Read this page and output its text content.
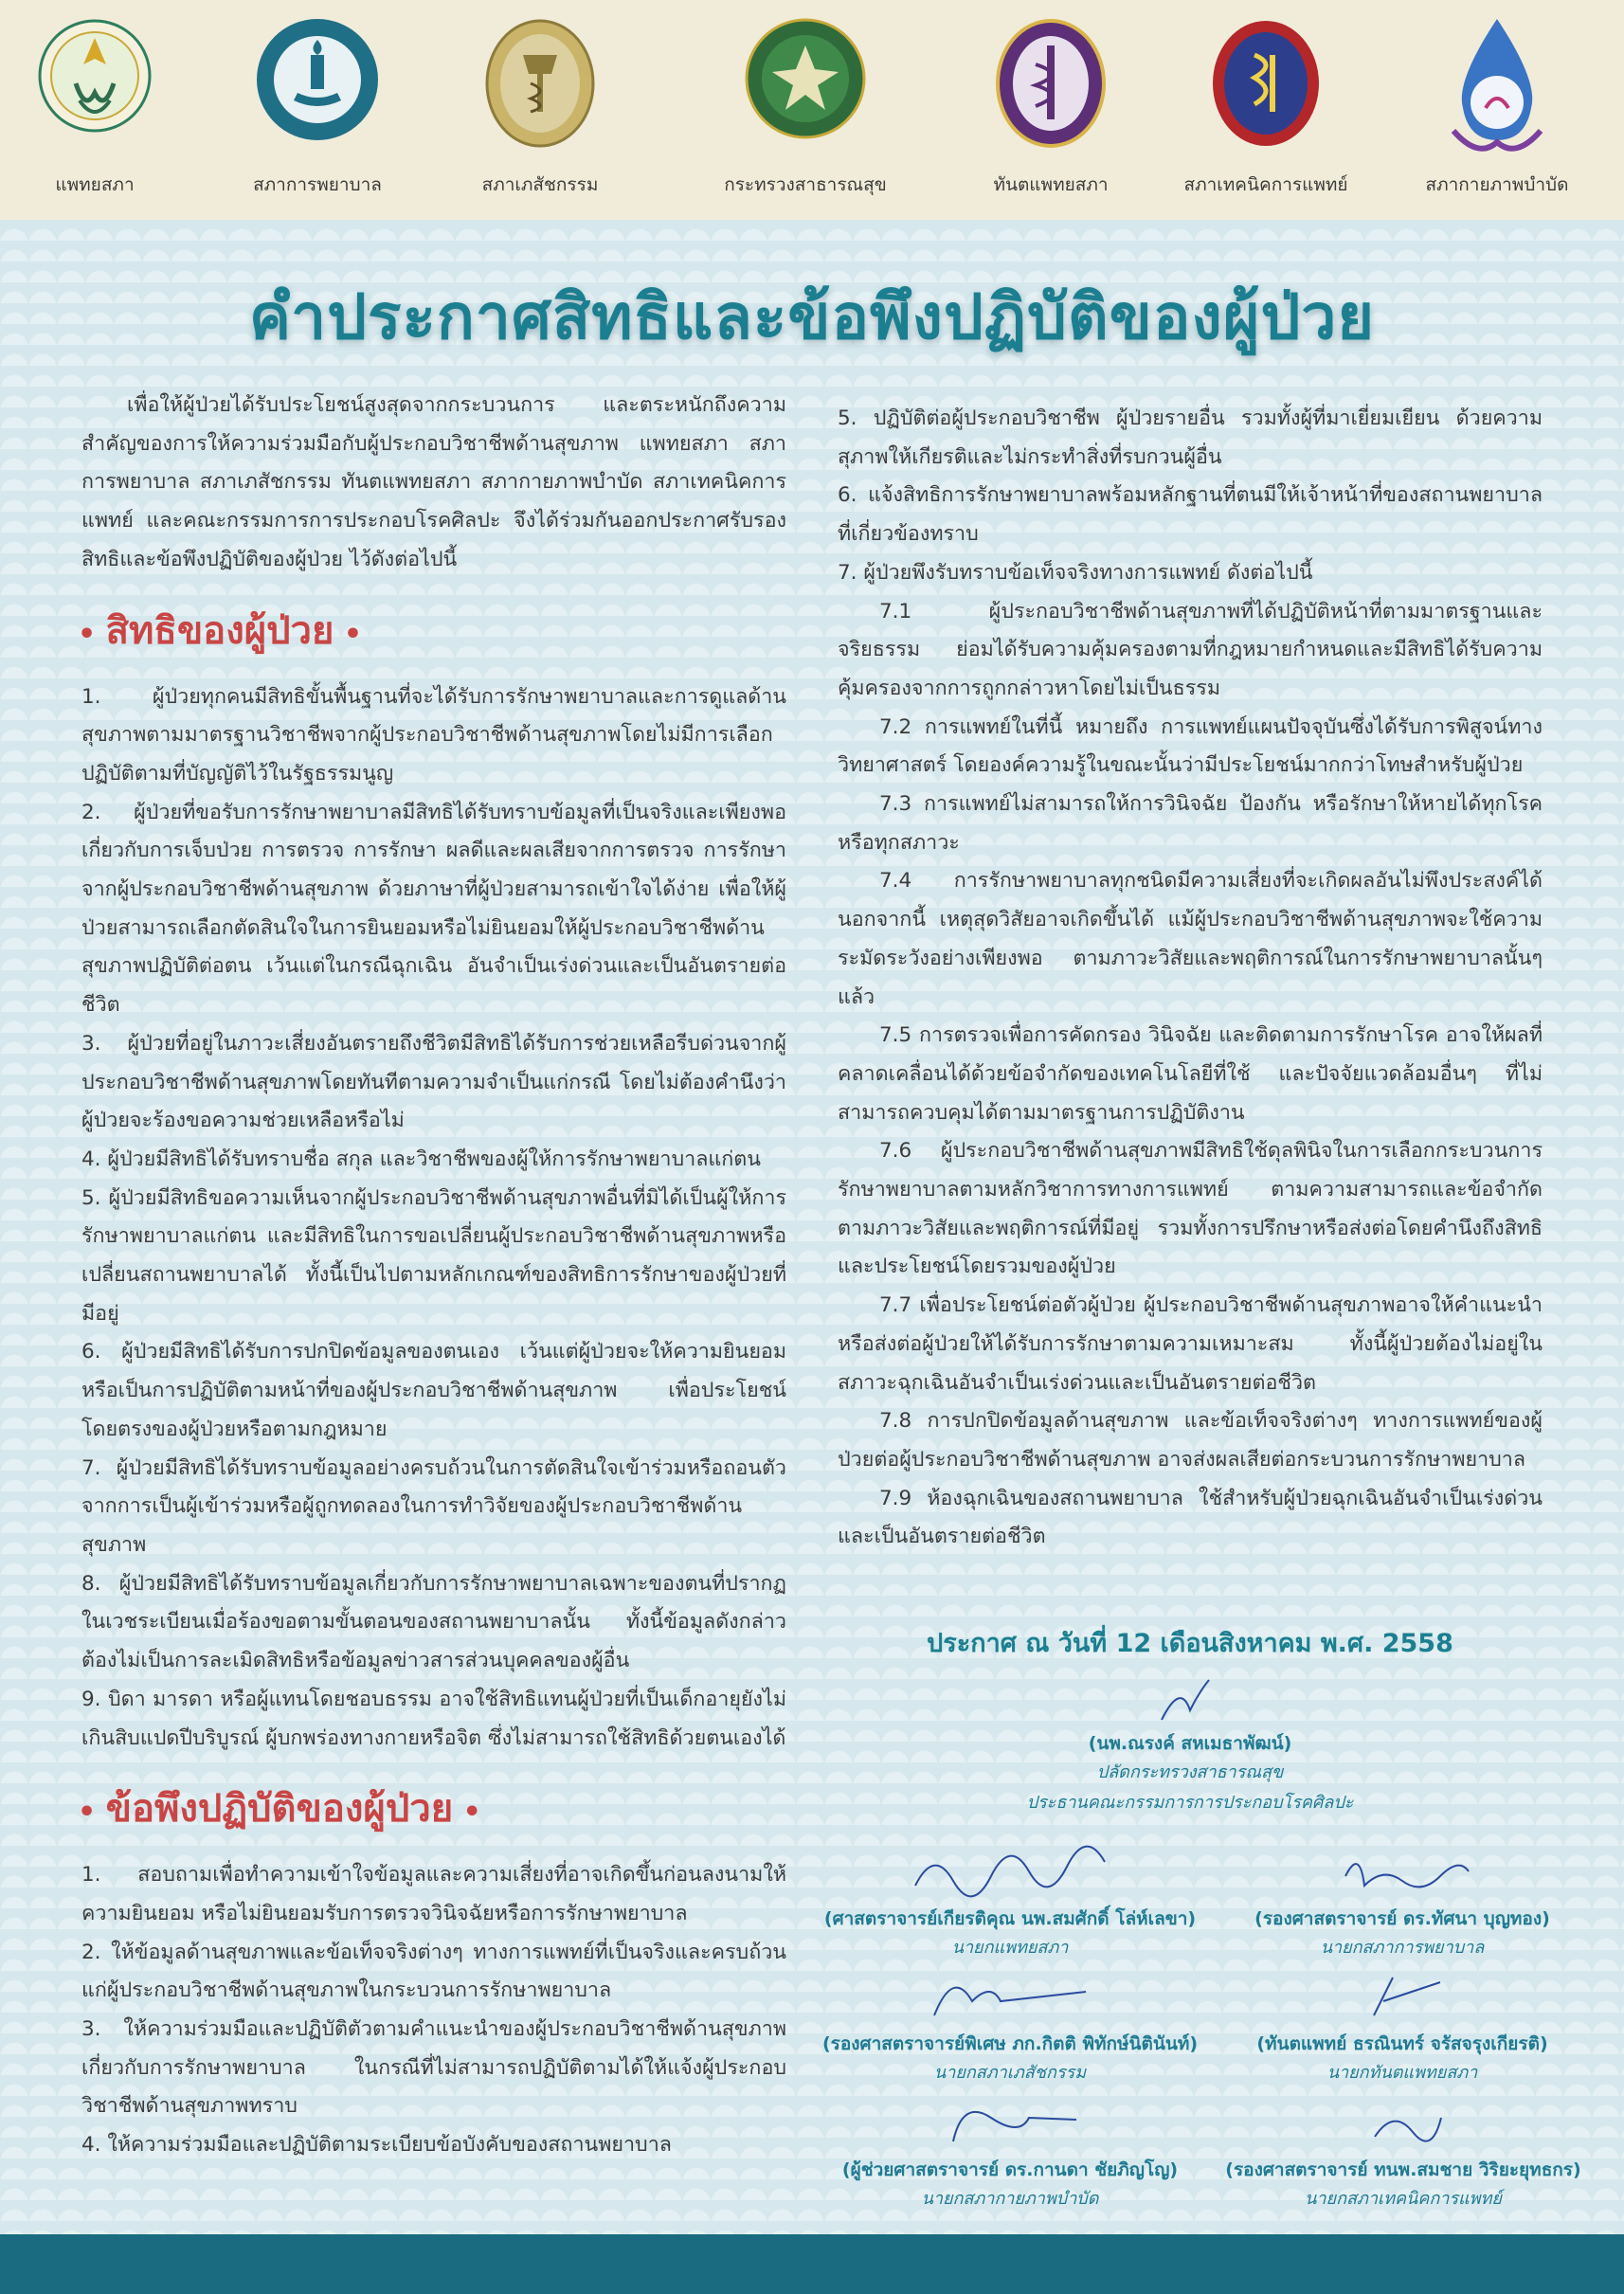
แพทยสภา	สภาการพยาบาล	สภาเภสัชกรรม	กระทรวงสาธารณสุข	ทันตแพทยสภา	สภาเทคนิคการแพทย์	สภากายภาพบำบัด
คำประกาศสิทธิและข้อพึงปฏิบัติของผู้ป่วย

เพื่อให้ผู้ป่วยได้รับประโยชน์สูงสุดจากกระบวนการ และตระหนักถึงความสำคัญของการให้ความร่วมมือกับผู้ประกอบวิชาชีพด้านสุขภาพ แพทยสภา สภาการพยาบาล สภาเภสัชกรรม ทันตแพทยสภา สภากายภาพบำบัด สภาเทคนิคการแพทย์ และคณะกรรมการการประกอบโรคศิลปะ จึงได้ร่วมกันออกประกาศรับรองสิทธิและข้อพึงปฏิบัติของผู้ป่วย ไว้ดังต่อไปนี้

• สิทธิของผู้ป่วย •

1. ผู้ป่วยทุกคนมีสิทธิขั้นพื้นฐานที่จะได้รับการรักษาพยาบาลและการดูแลด้านสุขภาพตามมาตรฐานวิชาชีพจากผู้ประกอบวิชาชีพด้านสุขภาพโดยไม่มีการเลือกปฏิบัติตามที่บัญญัติไว้ในรัฐธรรมนูญ

2. ผู้ป่วยที่ขอรับการรักษาพยาบาลมีสิทธิได้รับทราบข้อมูลที่เป็นจริงและเพียงพอเกี่ยวกับการเจ็บป่วย การตรวจ การรักษา ผลดีและผลเสียจากการตรวจ การรักษาจากผู้ประกอบวิชาชีพด้านสุขภาพ ด้วยภาษาที่ผู้ป่วยสามารถเข้าใจได้ง่าย เพื่อให้ผู้ป่วยสามารถเลือกตัดสินใจในการยินยอมหรือไม่ยินยอมให้ผู้ประกอบวิชาชีพด้านสุขภาพปฏิบัติต่อตน เว้นแต่ในกรณีฉุกเฉิน อันจำเป็นเร่งด่วนและเป็นอันตรายต่อชีวิต

3. ผู้ป่วยที่อยู่ในภาวะเสี่ยงอันตรายถึงชีวิตมีสิทธิได้รับการช่วยเหลือรีบด่วนจากผู้ประกอบวิชาชีพด้านสุขภาพโดยทันทีตามความจำเป็นแก่กรณี โดยไม่ต้องคำนึงว่าผู้ป่วยจะร้องขอความช่วยเหลือหรือไม่

4. ผู้ป่วยมีสิทธิได้รับทราบชื่อ สกุล และวิชาชีพของผู้ให้การรักษาพยาบาลแก่ตน

5. ผู้ป่วยมีสิทธิขอความเห็นจากผู้ประกอบวิชาชีพด้านสุขภาพอื่นที่มิได้เป็นผู้ให้การรักษาพยาบาลแก่ตน และมีสิทธิในการขอเปลี่ยนผู้ประกอบวิชาชีพด้านสุขภาพหรือเปลี่ยนสถานพยาบาลได้ ทั้งนี้เป็นไปตามหลักเกณฑ์ของสิทธิการรักษาของผู้ป่วยที่มีอยู่

6. ผู้ป่วยมีสิทธิได้รับการปกปิดข้อมูลของตนเอง เว้นแต่ผู้ป่วยจะให้ความยินยอมหรือเป็นการปฏิบัติตามหน้าที่ของผู้ประกอบวิชาชีพด้านสุขภาพ เพื่อประโยชน์โดยตรงของผู้ป่วยหรือตามกฎหมาย

7. ผู้ป่วยมีสิทธิได้รับทราบข้อมูลอย่างครบถ้วนในการตัดสินใจเข้าร่วมหรือถอนตัวจากการเป็นผู้เข้าร่วมหรือผู้ถูกทดลองในการทำวิจัยของผู้ประกอบวิชาชีพด้านสุขภาพ

8. ผู้ป่วยมีสิทธิได้รับทราบข้อมูลเกี่ยวกับการรักษาพยาบาลเฉพาะของตนที่ปรากฏในเวชระเบียนเมื่อร้องขอตามขั้นตอนของสถานพยาบาลนั้น ทั้งนี้ข้อมูลดังกล่าวต้องไม่เป็นการละเมิดสิทธิหรือข้อมูลข่าวสารส่วนบุคคลของผู้อื่น

9. บิดา มารดา หรือผู้แทนโดยชอบธรรม อาจใช้สิทธิแทนผู้ป่วยที่เป็นเด็กอายุยังไม่เกินสิบแปดปีบริบูรณ์ ผู้บกพร่องทางกายหรือจิต ซึ่งไม่สามารถใช้สิทธิด้วยตนเองได้

• ข้อพึงปฏิบัติของผู้ป่วย •

1. สอบถามเพื่อทำความเข้าใจข้อมูลและความเสี่ยงที่อาจเกิดขึ้นก่อนลงนามให้ความยินยอม หรือไม่ยินยอมรับการตรวจวินิจฉัยหรือการรักษาพยาบาล

2. ให้ข้อมูลด้านสุขภาพและข้อเท็จจริงต่างๆ ทางการแพทย์ที่เป็นจริงและครบถ้วนแก่ผู้ประกอบวิชาชีพด้านสุขภาพในกระบวนการรักษาพยาบาล

3. ให้ความร่วมมือและปฏิบัติตัวตามคำแนะนำของผู้ประกอบวิชาชีพด้านสุขภาพเกี่ยวกับการรักษาพยาบาล ในกรณีที่ไม่สามารถปฏิบัติตามได้ให้แจ้งผู้ประกอบวิชาชีพด้านสุขภาพทราบ

4. ให้ความร่วมมือและปฏิบัติตามระเบียบข้อบังคับของสถานพยาบาล

5. ปฏิบัติต่อผู้ประกอบวิชาชีพ ผู้ป่วยรายอื่น รวมทั้งผู้ที่มาเยี่ยมเยียน ด้วยความสุภาพให้เกียรติและไม่กระทำสิ่งที่รบกวนผู้อื่น

6. แจ้งสิทธิการรักษาพยาบาลพร้อมหลักฐานที่ตนมีให้เจ้าหน้าที่ของสถานพยาบาลที่เกี่ยวข้องทราบ

7. ผู้ป่วยพึงรับทราบข้อเท็จจริงทางการแพทย์ ดังต่อไปนี้

7.1 ผู้ประกอบวิชาชีพด้านสุขภาพที่ได้ปฏิบัติหน้าที่ตามมาตรฐานและจริยธรรม ย่อมได้รับความคุ้มครองตามที่กฎหมายกำหนดและมีสิทธิได้รับความคุ้มครองจากการถูกกล่าวหาโดยไม่เป็นธรรม

7.2 การแพทย์ในที่นี้ หมายถึง การแพทย์แผนปัจจุบันซึ่งได้รับการพิสูจน์ทางวิทยาศาสตร์ โดยองค์ความรู้ในขณะนั้นว่ามีประโยชน์มากกว่าโทษสำหรับผู้ป่วย

7.3 การแพทย์ไม่สามารถให้การวินิจฉัย ป้องกัน หรือรักษาให้หายได้ทุกโรคหรือทุกสภาวะ

7.4 การรักษาพยาบาลทุกชนิดมีความเสี่ยงที่จะเกิดผลอันไม่พึงประสงค์ได้ นอกจากนี้ เหตุสุดวิสัยอาจเกิดขึ้นได้ แม้ผู้ประกอบวิชาชีพด้านสุขภาพจะใช้ความระมัดระวังอย่างเพียงพอ ตามภาวะวิสัยและพฤติการณ์ในการรักษาพยาบาลนั้นๆ แล้ว

7.5 การตรวจเพื่อการคัดกรอง วินิจฉัย และติดตามการรักษาโรค อาจให้ผลที่คลาดเคลื่อนได้ด้วยข้อจำกัดของเทคโนโลยีที่ใช้ และปัจจัยแวดล้อมอื่นๆ ที่ไม่สามารถควบคุมได้ตามมาตรฐานการปฏิบัติงาน

7.6 ผู้ประกอบวิชาชีพด้านสุขภาพมีสิทธิใช้ดุลพินิจในการเลือกกระบวนการรักษาพยาบาลตามหลักวิชาการทางการแพทย์ ตามความสามารถและข้อจำกัดตามภาวะวิสัยและพฤติการณ์ที่มีอยู่ รวมทั้งการปรึกษาหรือส่งต่อโดยคำนึงถึงสิทธิและประโยชน์โดยรวมของผู้ป่วย

7.7 เพื่อประโยชน์ต่อตัวผู้ป่วย ผู้ประกอบวิชาชีพด้านสุขภาพอาจให้คำแนะนำหรือส่งต่อผู้ป่วยให้ได้รับการรักษาตามความเหมาะสม ทั้งนี้ผู้ป่วยต้องไม่อยู่ในสภาวะฉุกเฉินอันจำเป็นเร่งด่วนและเป็นอันตรายต่อชีวิต

7.8 การปกปิดข้อมูลด้านสุขภาพ และข้อเท็จจริงต่างๆ ทางการแพทย์ของผู้ป่วยต่อผู้ประกอบวิชาชีพด้านสุขภาพ อาจส่งผลเสียต่อกระบวนการรักษาพยาบาล

7.9 ห้องฉุกเฉินของสถานพยาบาล ใช้สำหรับผู้ป่วยฉุกเฉินอันจำเป็นเร่งด่วนและเป็นอันตรายต่อชีวิต

ประกาศ ณ วันที่ 12 เดือนสิงหาคม พ.ศ. 2558
(นพ.ณรงค์ สหเมธาพัฒน์)
ปลัดกระทรวงสาธารณสุข
ประธานคณะกรรมการการประกอบโรคศิลปะ
(ศาสตราจารย์เกียรติคุณ นพ.สมศักดิ์ โล่ห์เลขา)
นายกแพทยสภา
(รองศาสตราจารย์ ดร.ทัศนา บุญทอง)
นายกสภาการพยาบาล
(รองศาสตราจารย์พิเศษ ภก.กิตติ พิทักษ์นิตินันท์)
นายกสภาเภสัชกรรม
(ทันตแพทย์ ธรณินทร์ จรัสจรุงเกียรติ)
นายกทันตแพทยสภา
(ผู้ช่วยศาสตราจารย์ ดร.กานดา ชัยภิญโญ)
นายกสภากายภาพบำบัด
(รองศาสตราจารย์ ทนพ.สมชาย วิริยะยุทธกร)
นายกสภาเทคนิคการแพทย์
